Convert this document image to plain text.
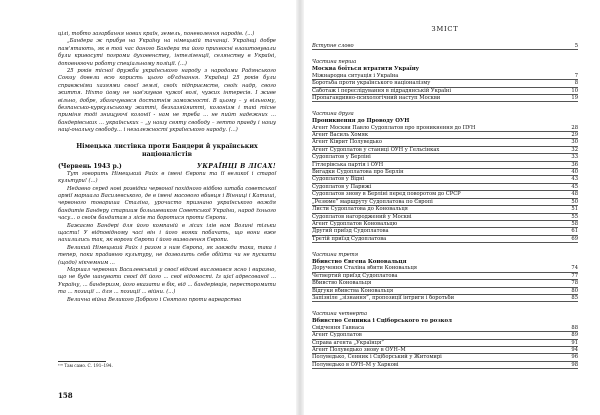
цілі, тобто загарбання нових країн, земель, поневолення народів. (...)

„Бандера ж прибув на Україну на німецькій тачанці. Українці добре пам'ятають, як в той час даного Бандера та його прихвосні влаштовували були кривосуті погроми духовенству, інтелігенції, селянству в Україні, доповнюючи роботу спеціальному поліції. (...)

25 років тісної дружби українського народу з народами Радянського Союзу довели всю користь цього об'єднання. Українці 25 років були справжніми хазяями своєї землі, своїх підприємств, своїх надр, свого життя. Ніхто йому не нав'язував чужої волі, чужих інтересів. І живе вільно, добре, збагачувався достатнім заможності. В цьому – у вільному, безпансько-куркульському житті, безхазяйяитті, колонізм і такі тісне приміня тоді знищуючі колонії - нам не треба ... не пийт надежних ... бандерівських ... українських – „у нашу святу свободу – гетто правду і нашу наці-ональну свободу... і незалежності українського народу. (...)

Німецька листівка проти Бандери й українських націоналістів

(Червень 1943 р.)	УКРАЇНЦІ В ЛІСАХ!

Тут говорить Німецький Райх в імені Європи та її великої і старої культури! (...)

Недавно серед нові розвідки червоної похідного відбою штаба советської армії маршала Василевського, де в імені масового вбивця і Вінниці і Катиші, червоного товариша Сталіна, урочисто признано українського вождя бандитів Бандеру старшим большевиком Советської України, народ їхнього часу... о своїм бандитам з лісів та боротися проти Європи.

Бажаємо Бандері для його компаній в лісах ілів вам Волині тільки щасти! У відповідному часі він і його вояки побачать, що вони вже нахилились так, як вороги Європи і його визволення Європи.

Великий Німецький Райх і разом з ним Європа, як завжди така, така і тепер, поки прадавню культуру, не дозволить себе обійти чи не пускати (щодо) нікчемним ...

Маршал червоних Василевський у своєї відозві висловився ясно і виразно, що не буде шанувати своєї дії його ... свої відомості. Із цієї адресованої ... Україну, ... бандеризм, його вказати в бік, від ... бандерівців, пересторомити та ... позиції ... для ... позиції ... війни. (...)

Велична війна Великого Доброго і Святого проти варварства

¹⁰⁸ Там само. С. 191–194.
158
ЗМІСТ
Вступне слово	5

Частина перша

Москва боїться втратити Україну

Міжнародна ситуація і Україна	7
Боротьба проти українського націоналізму	8
Саботаж і переслідування в підрадянській Україні	10
Пропагандивно-психологічний наступ Москви	19

Частина друга

Проникнення до Проводу ОУН

Агент Москви Павло Судоплатов про проникнення до ПУН	28
Агент Василь Хомяк	29
Агент Ківрит Полуведько	30
Агент Судоплатов у станиці ОУН у Гельсінках	32
Судоплатов у Берліні	33
Гітлерівська партія і ОУН	36
Вигадки Судоплатова про Берлін	40
Судоплатов у Відні	43
Судоплатов у Парижі	45
Судоплатов знову в Берліні перед поворотом до СРСР	48
„Резюме” маршруту Судоплатова по Європі	50
Листи Судоплатова до Коновальця	51
Судоплатов нагороджений у Москві	55
Агент Судоплатов Коновальцю	58
Другий приїзд Судоплатова	61
Третій приїзд Судоплатова	69

Частина третя

Вбивство Євгена Коновальця

Доручення Сталіна вбити Коновальця	74
Четвертий приїзд Судоплатова	77
Вбивство Коновальця	78
Відгуки вбивства Коновальця	80
Запізніле „зізнання”, пропозиції інтриги і боротьби	85

Частина четверта

Вбивство Сенника і Сціборського то розкол

Свідчення Гавнаса	88
Агент Судоплатов	89
Справа агента „Українця”	91
Агент Полуведько знову в ОУН–М	94
Полуведько, Сенник і Сціборський у Житомирі	96
Полуведько в ОУН–М у Харкові	98
